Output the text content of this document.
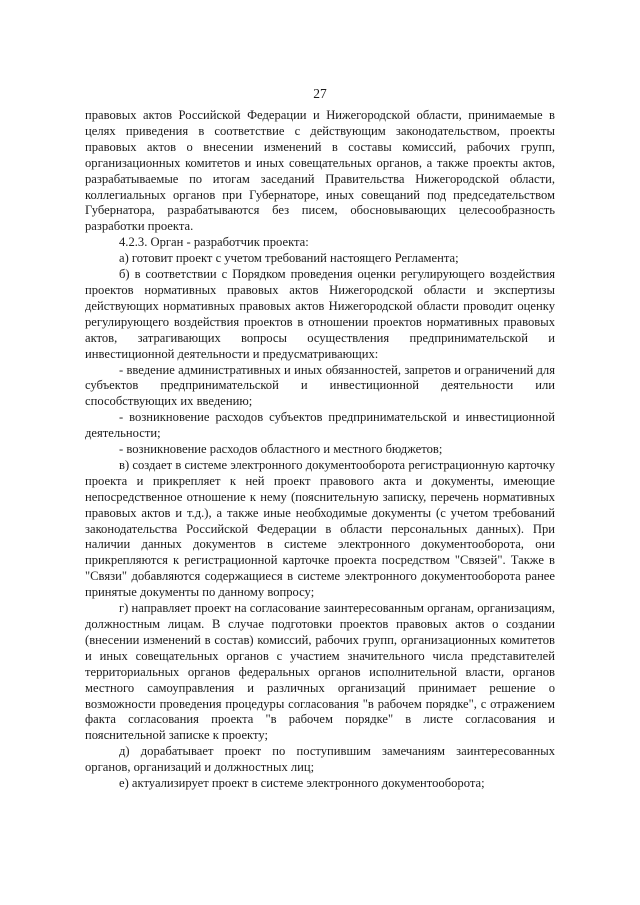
27

правовых актов Российской Федерации и Нижегородской области, принимаемые в целях приведения в соответствие с действующим законодательством, проекты правовых актов о внесении изменений в составы комиссий, рабочих групп, организационных комитетов и иных совещательных органов, а также проекты актов, разрабатываемые по итогам заседаний Правительства Нижегородской области, коллегиальных органов при Губернаторе, иных совещаний под председательством Губернатора, разрабатываются без писем, обосновывающих целесообразность разработки проекта.

4.2.3. Орган - разработчик проекта:

а) готовит проект с учетом требований настоящего Регламента;

б) в соответствии с Порядком проведения оценки регулирующего воздействия проектов нормативных правовых актов Нижегородской области и экспертизы действующих нормативных правовых актов Нижегородской области проводит оценку регулирующего воздействия проектов в отношении проектов нормативных правовых актов, затрагивающих вопросы осуществления предпринимательской и инвестиционной деятельности и предусматривающих:

- введение административных и иных обязанностей, запретов и ограничений для субъектов предпринимательской и инвестиционной деятельности или способствующих их введению;

- возникновение расходов субъектов предпринимательской и инвестиционной деятельности;

- возникновение расходов областного и местного бюджетов;

в) создает в системе электронного документооборота регистрационную карточку проекта и прикрепляет к ней проект правового акта и документы, имеющие непосредственное отношение к нему (пояснительную записку, перечень нормативных правовых актов и т.д.), а также иные необходимые документы (с учетом требований законодательства Российской Федерации в области персональных данных). При наличии данных документов в системе электронного документооборота, они прикрепляются к регистрационной карточке проекта посредством "Связей". Также в "Связи" добавляются содержащиеся в системе электронного документооборота ранее принятые документы по данному вопросу;

г) направляет проект на согласование заинтересованным органам, организациям, должностным лицам. В случае подготовки проектов правовых актов о создании (внесении изменений в состав) комиссий, рабочих групп, организационных комитетов и иных совещательных органов с участием значительного числа представителей территориальных органов федеральных органов исполнительной власти, органов местного самоуправления и различных организаций принимает решение о возможности проведения процедуры согласования "в рабочем порядке", с отражением факта согласования проекта "в рабочем порядке" в листе согласования и пояснительной записке к проекту;

д) дорабатывает проект по поступившим замечаниям заинтересованных органов, организаций и должностных лиц;

е) актуализирует проект в системе электронного документооборота;
